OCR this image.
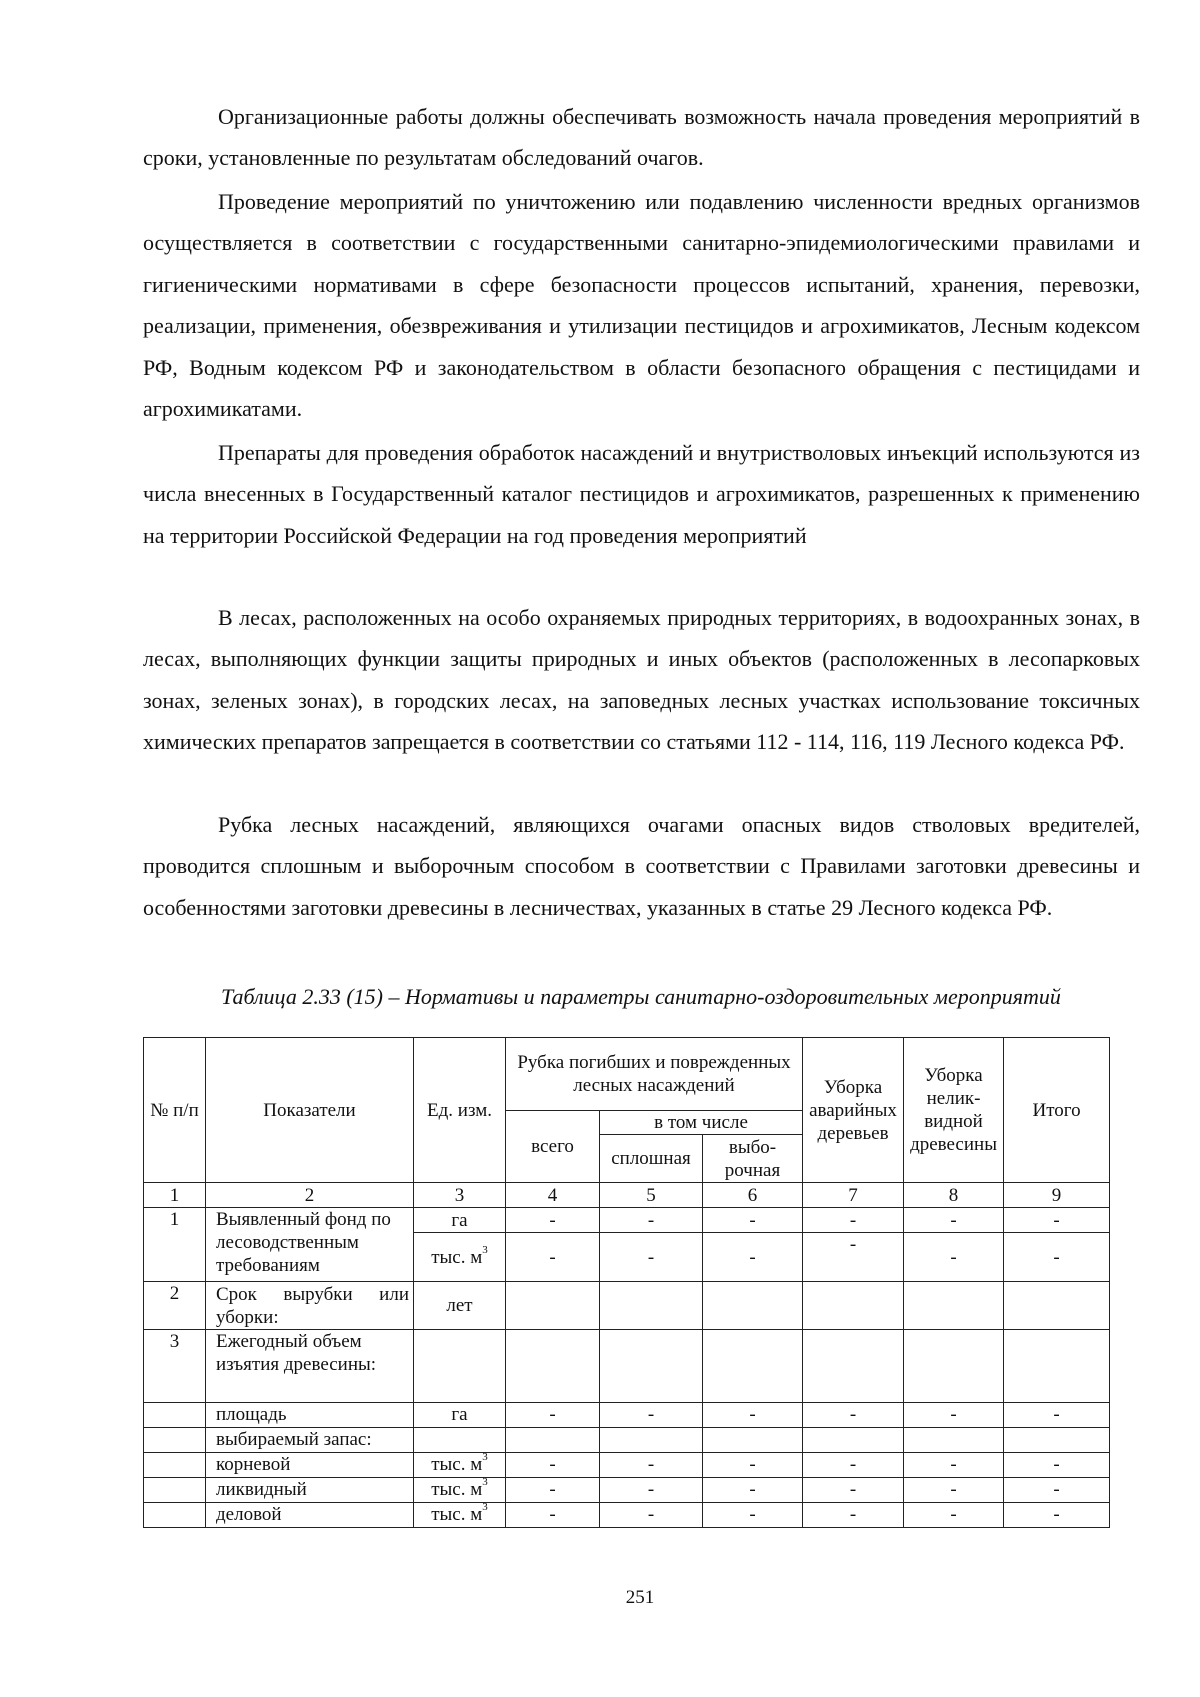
Организационные работы должны обеспечивать возможность начала проведения мероприятий в сроки, установленные по результатам обследований очагов.

Проведение мероприятий по уничтожению или подавлению численности вредных организмов осуществляется в соответствии с государственными санитарно-эпидемиологическими правилами и гигиеническими нормативами в сфере безопасности процессов испытаний, хранения, перевозки, реализации, применения, обезвреживания и утилизации пестицидов и агрохимикатов, Лесным кодексом РФ, Водным кодексом РФ и законодательством в области безопасного обращения с пестицидами и агрохимикатами.

Препараты для проведения обработок насаждений и внутристволовых инъекций используются из числа внесенных в Государственный каталог пестицидов и агрохимикатов, разрешенных к применению на территории Российской Федерации на год проведения мероприятий

В лесах, расположенных на особо охраняемых природных территориях, в водоохранных зонах, в лесах, выполняющих функции защиты природных и иных объектов (расположенных в лесопарковых зонах, зеленых зонах), в городских лесах, на заповедных лесных участках использование токсичных химических препаратов запрещается в соответствии со статьями 112 - 114, 116, 119 Лесного кодекса РФ.

Рубка лесных насаждений, являющихся очагами опасных видов стволовых вредителей, проводится сплошным и выборочным способом в соответствии с Правилами заготовки древесины и особенностями заготовки древесины в лесничествах, указанных в статье 29 Лесного кодекса РФ.

Таблица 2.33 (15) – Нормативы и параметры санитарно-оздоровительных мероприятий

№ п/п	Показатели	Ед. изм.	Рубка погибших и поврежденных лесных насаждений			Уборка аварийных деревьев	Уборка неликвидной древесины	Итого
			всего	в том числе				
				сплошная	выборочная			
1	2	3	4	5	6	7	8	9
1	Выявленный фонд по лесоводственным требованиям	га	-	-	-	-	-	-
		тыс. $м^3$	-	-	-	-	-	-
2	Срок вырубки или уборки:	лет						
3	Ежегодный объем изъятия древесины:							
	площадь	га	-	-	-	-	-	-
	выбираемый запас:							
	корневой	тыс. $м^3$	-	-	-	-	-	-
	ликвидный	тыс. $м^3$	-	-	-	-	-	-
	деловой	тыс. $м^3$	-	-	-	-	-	-
251
